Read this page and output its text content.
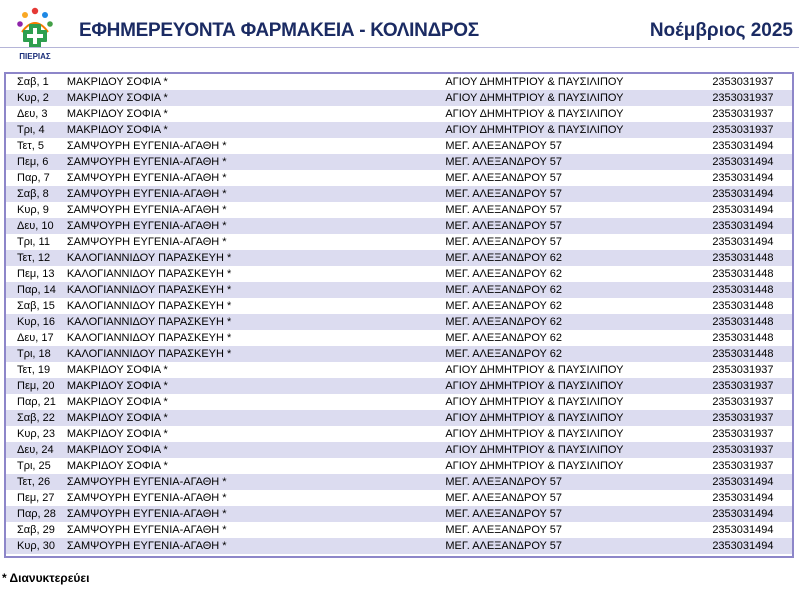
ΠΙΕΡΙΑΣ
ΕΦΗΜΕΡΕΥΟΝΤΑ ΦΑΡΜΑΚΕΙΑ - ΚΟΛΙΝΔΡΟΣ	Νοέμβριος 2025
Σαβ, 1	ΜΑΚΡΙΔΟΥ ΣΟΦΙΑ *	ΑΓΙΟΥ ΔΗΜΗΤΡΙΟΥ & ΠΑΥΣΙΛΙΠΟΥ	2353031937
Κυρ, 2	ΜΑΚΡΙΔΟΥ ΣΟΦΙΑ *	ΑΓΙΟΥ ΔΗΜΗΤΡΙΟΥ & ΠΑΥΣΙΛΙΠΟΥ	2353031937
Δευ, 3	ΜΑΚΡΙΔΟΥ ΣΟΦΙΑ *	ΑΓΙΟΥ ΔΗΜΗΤΡΙΟΥ & ΠΑΥΣΙΛΙΠΟΥ	2353031937
Τρι, 4	ΜΑΚΡΙΔΟΥ ΣΟΦΙΑ *	ΑΓΙΟΥ ΔΗΜΗΤΡΙΟΥ & ΠΑΥΣΙΛΙΠΟΥ	2353031937
Τετ, 5	ΣΑΜΨΟΥΡΗ ΕΥΓΕΝΙΑ-ΑΓΑΘΗ *	ΜΕΓ. ΑΛΕΞΑΝΔΡΟΥ 57	2353031494
Πεμ, 6	ΣΑΜΨΟΥΡΗ ΕΥΓΕΝΙΑ-ΑΓΑΘΗ *	ΜΕΓ. ΑΛΕΞΑΝΔΡΟΥ 57	2353031494
Παρ, 7	ΣΑΜΨΟΥΡΗ ΕΥΓΕΝΙΑ-ΑΓΑΘΗ *	ΜΕΓ. ΑΛΕΞΑΝΔΡΟΥ 57	2353031494
Σαβ, 8	ΣΑΜΨΟΥΡΗ ΕΥΓΕΝΙΑ-ΑΓΑΘΗ *	ΜΕΓ. ΑΛΕΞΑΝΔΡΟΥ 57	2353031494
Κυρ, 9	ΣΑΜΨΟΥΡΗ ΕΥΓΕΝΙΑ-ΑΓΑΘΗ *	ΜΕΓ. ΑΛΕΞΑΝΔΡΟΥ 57	2353031494
Δευ, 10	ΣΑΜΨΟΥΡΗ ΕΥΓΕΝΙΑ-ΑΓΑΘΗ *	ΜΕΓ. ΑΛΕΞΑΝΔΡΟΥ 57	2353031494
Τρι, 11	ΣΑΜΨΟΥΡΗ ΕΥΓΕΝΙΑ-ΑΓΑΘΗ *	ΜΕΓ. ΑΛΕΞΑΝΔΡΟΥ 57	2353031494
Τετ, 12	ΚΑΛΟΓΙΑΝΝΙΔΟΥ ΠΑΡΑΣΚΕΥΗ *	ΜΕΓ. ΑΛΕΞΑΝΔΡΟΥ 62	2353031448
Πεμ, 13	ΚΑΛΟΓΙΑΝΝΙΔΟΥ ΠΑΡΑΣΚΕΥΗ *	ΜΕΓ. ΑΛΕΞΑΝΔΡΟΥ 62	2353031448
Παρ, 14 ΚΑΛΟΓΙΑΝΝΙΔΟΥ ΠΑΡΑΣΚΕΥΗ *	ΜΕΓ. ΑΛΕΞΑΝΔΡΟΥ 62	2353031448
Σαβ, 15	ΚΑΛΟΓΙΑΝΝΙΔΟΥ ΠΑΡΑΣΚΕΥΗ *	ΜΕΓ. ΑΛΕΞΑΝΔΡΟΥ 62	2353031448
Κυρ, 16	ΚΑΛΟΓΙΑΝΝΙΔΟΥ ΠΑΡΑΣΚΕΥΗ *	ΜΕΓ. ΑΛΕΞΑΝΔΡΟΥ 62	2353031448
Δευ, 17	ΚΑΛΟΓΙΑΝΝΙΔΟΥ ΠΑΡΑΣΚΕΥΗ *	ΜΕΓ. ΑΛΕΞΑΝΔΡΟΥ 62	2353031448
Τρι, 18	ΚΑΛΟΓΙΑΝΝΙΔΟΥ ΠΑΡΑΣΚΕΥΗ *	ΜΕΓ. ΑΛΕΞΑΝΔΡΟΥ 62	2353031448
Τετ, 19	ΜΑΚΡΙΔΟΥ ΣΟΦΙΑ *	ΑΓΙΟΥ ΔΗΜΗΤΡΙΟΥ & ΠΑΥΣΙΛΙΠΟΥ	2353031937
Πεμ, 20	ΜΑΚΡΙΔΟΥ ΣΟΦΙΑ *	ΑΓΙΟΥ ΔΗΜΗΤΡΙΟΥ & ΠΑΥΣΙΛΙΠΟΥ	2353031937
Παρ, 21 ΜΑΚΡΙΔΟΥ ΣΟΦΙΑ *	ΑΓΙΟΥ ΔΗΜΗΤΡΙΟΥ & ΠΑΥΣΙΛΙΠΟΥ	2353031937
Σαβ, 22	ΜΑΚΡΙΔΟΥ ΣΟΦΙΑ *	ΑΓΙΟΥ ΔΗΜΗΤΡΙΟΥ & ΠΑΥΣΙΛΙΠΟΥ	2353031937
Κυρ, 23	ΜΑΚΡΙΔΟΥ ΣΟΦΙΑ *	ΑΓΙΟΥ ΔΗΜΗΤΡΙΟΥ & ΠΑΥΣΙΛΙΠΟΥ	2353031937
Δευ, 24	ΜΑΚΡΙΔΟΥ ΣΟΦΙΑ *	ΑΓΙΟΥ ΔΗΜΗΤΡΙΟΥ & ΠΑΥΣΙΛΙΠΟΥ	2353031937
Τρι, 25	ΜΑΚΡΙΔΟΥ ΣΟΦΙΑ *	ΑΓΙΟΥ ΔΗΜΗΤΡΙΟΥ & ΠΑΥΣΙΛΙΠΟΥ	2353031937
Τετ, 26	ΣΑΜΨΟΥΡΗ ΕΥΓΕΝΙΑ-ΑΓΑΘΗ *	ΜΕΓ. ΑΛΕΞΑΝΔΡΟΥ 57	2353031494
Πεμ, 27	ΣΑΜΨΟΥΡΗ ΕΥΓΕΝΙΑ-ΑΓΑΘΗ *	ΜΕΓ. ΑΛΕΞΑΝΔΡΟΥ 57	2353031494
Παρ, 28 ΣΑΜΨΟΥΡΗ ΕΥΓΕΝΙΑ-ΑΓΑΘΗ *	ΜΕΓ. ΑΛΕΞΑΝΔΡΟΥ 57	2353031494
Σαβ, 29	ΣΑΜΨΟΥΡΗ ΕΥΓΕΝΙΑ-ΑΓΑΘΗ *	ΜΕΓ. ΑΛΕΞΑΝΔΡΟΥ 57	2353031494
Κυρ, 30	ΣΑΜΨΟΥΡΗ ΕΥΓΕΝΙΑ-ΑΓΑΘΗ *	ΜΕΓ. ΑΛΕΞΑΝΔΡΟΥ 57	2353031494
* Διανυκτερεύει
